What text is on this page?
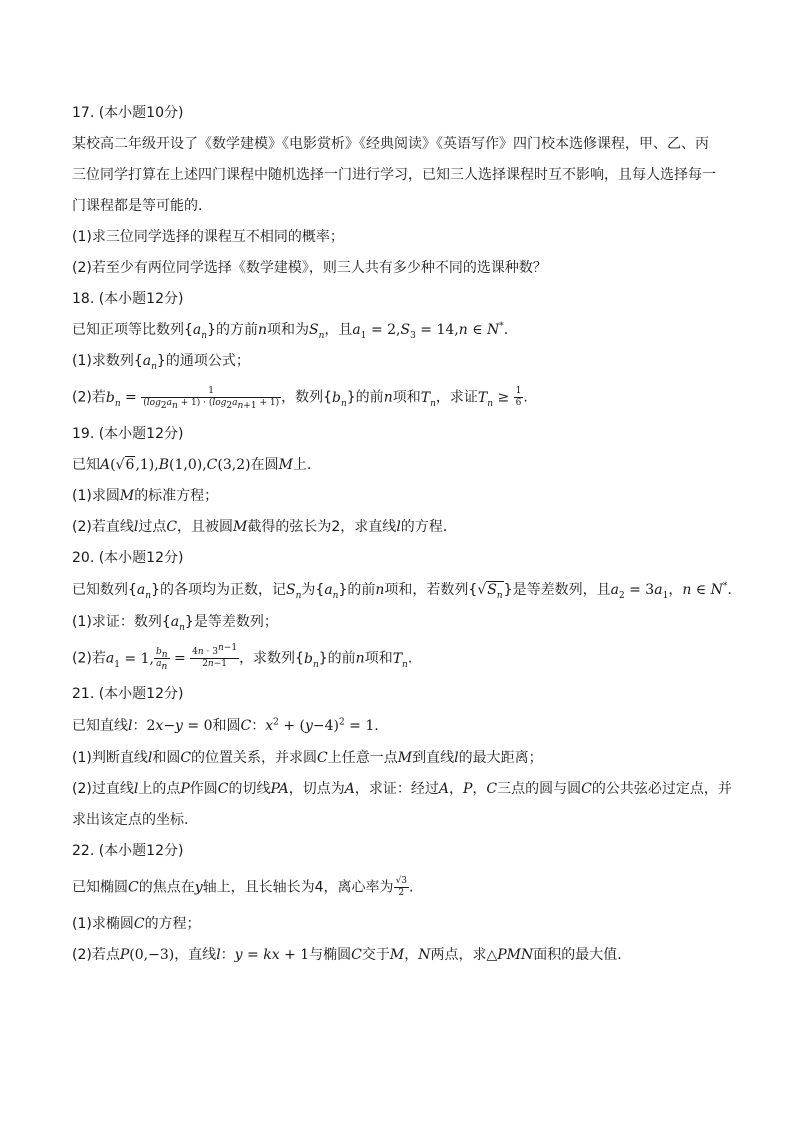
17. (本小题10分)
某校高二年级开设了《数学建模》《电影赏析》《经典阅读》《英语写作》四门校本选修课程，甲、乙、丙
三位同学打算在上述四门课程中随机选择一门进行学习，已知三人选择课程时互不影响，且每人选择每一
门课程都是等可能的.
(1)求三位同学选择的课程互不相同的概率；
(2)若至少有两位同学选择《数学建模》，则三人共有多少种不同的选课种数？
18. (本小题12分)
已知正项等比数列$\{a_n\}$的方前n项和为$S_n$，且$a_1 = 2,S_3 = 14,n$ ∈ N*.
(1)求数列$\{a_n\}$的通项公式；
(2)若$b_n = \frac{1}{(\log_2a_n + 1) \cdot (\log_2a_{n+1} + 1)}$ ，数列$\{b_n\}$的前n项和$T_n$，求证$T_n \ge \frac{1}{6}$ .
19. (本小题12分)
已知A(√6,1),B(1,0),C(3,2)在圆M上.
(1)求圆M的标准方程；
(2)若直线l过点C，且被圆M截得的弦长为2，求直线l的方程.
20. (本小题12分)
已知数列$\{a_n\}$的各项均为正数，记$S_n$为$\{a_n\}$的前n项和，若数列$\{√S_n\}$是等差数列，且$a_2 = 3a_1$，n ∈ N*.
(1)求证：数列$\{a_n\}$是等差数列；
(2)若$a_1 = 1$, $\frac{b_n}{a_n} = \frac{4n \cdot 3^{n-1}}{2n-1}$ ，求数列$\{b_n\}$的前n项和$T_n$.
21. (本小题12分)
已知直线l：2x−y = 0和圆C：$x^2 + (y-4)^2 = 1$.
(1)判断直线l和圆C的位置关系，并求圆C上任意一点M到直线l的最大距离；
(2)过直线l上的点P作圆C的切线PA，切点为A，求证：经过A，P，C三点的圆与圆C的公共弦必过定点，并
求出该定点的坐标.
22. (本小题12分)
已知椭圆C的焦点在y轴上，且长轴长为4，离心率为 $\frac{√3}{2}$ .
(1)求椭圆C的方程；
(2)若点P(0,−3)，直线l：y = kx + 1与椭圆C交于M，N两点，求△PMN面积的最大值.
